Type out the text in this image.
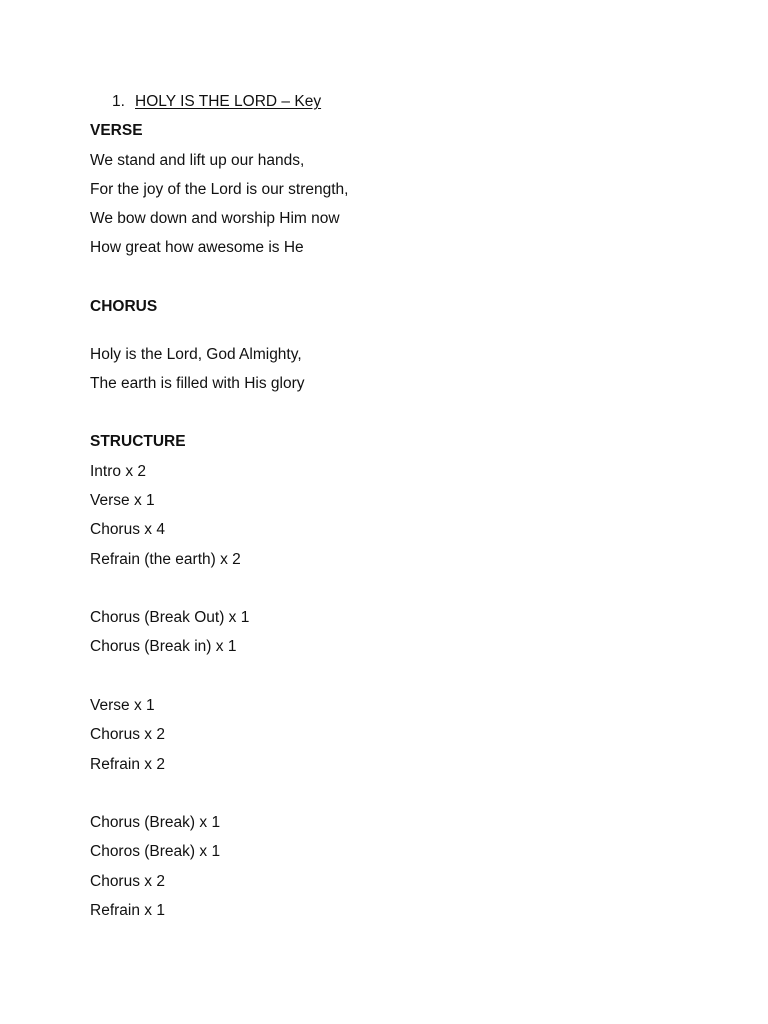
1. HOLY IS THE LORD – Key
VERSE
We stand and lift up our hands,
For the joy of the Lord is our strength,
We bow down and worship Him now
How great how awesome is He
CHORUS
Holy is the Lord, God Almighty,
The earth is filled with His glory
STRUCTURE
Intro x 2
Verse x 1
Chorus x 4
Refrain (the earth) x 2
Chorus (Break Out) x 1
Chorus (Break in) x 1
Verse x 1
Chorus x 2
Refrain x 2
Chorus (Break) x 1
Choros (Break) x 1
Chorus x 2
Refrain x 1
